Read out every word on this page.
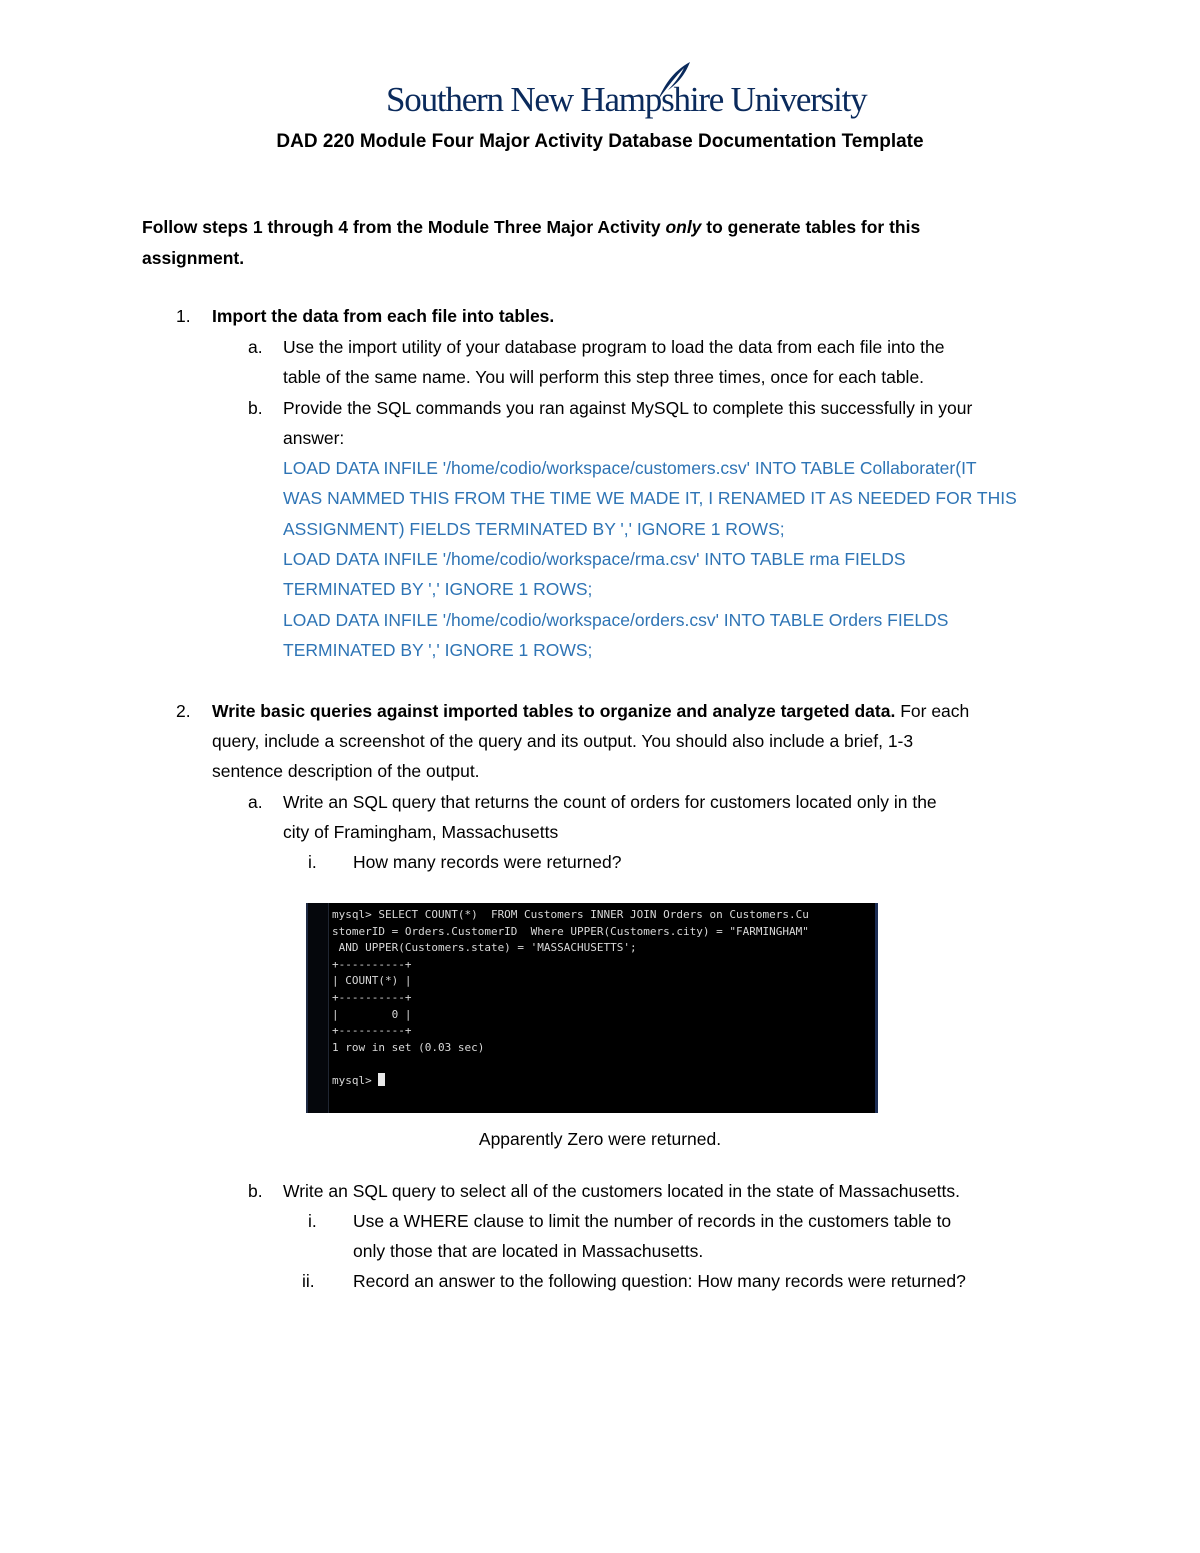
Southern New Hampshire University
DAD 220 Module Four Major Activity Database Documentation Template
Follow steps 1 through 4 from the Module Three Major Activity only to generate tables for this assignment.
1. Import the data from each file into tables.
a. Use the import utility of your database program to load the data from each file into the
table of the same name. You will perform this step three times, once for each table.
b. Provide the SQL commands you ran against MySQL to complete this successfully in your
answer:
LOAD DATA INFILE '/home/codio/workspace/customers.csv' INTO TABLE Collaborater(IT
WAS NAMMED THIS FROM THE TIME WE MADE IT, I RENAMED IT AS NEEDED FOR THIS
ASSIGNMENT) FIELDS TERMINATED BY ',' IGNORE 1 ROWS;
LOAD DATA INFILE '/home/codio/workspace/rma.csv' INTO TABLE rma FIELDS
TERMINATED BY ',' IGNORE 1 ROWS;
LOAD DATA INFILE '/home/codio/workspace/orders.csv' INTO TABLE Orders FIELDS
TERMINATED BY ',' IGNORE 1 ROWS;
2. Write basic queries against imported tables to organize and analyze targeted data. For each
query, include a screenshot of the query and its output. You should also include a brief, 1-3
sentence description of the output.
a. Write an SQL query that returns the count of orders for customers located only in the
city of Framingham, Massachusetts
i. How many records were returned?
mysql> SELECT COUNT(*)  FROM Customers INNER JOIN Orders on Customers.Cu
stomerID = Orders.CustomerID  Where UPPER(Customers.city) = "FARMINGHAM"
AND UPPER(Customers.state) = 'MASSACHUSETTS';
+----------+
| COUNT(*) |
+----------+
|        0 |
+----------+
1 row in set (0.03 sec)

mysql>
Apparently Zero were returned.
b. Write an SQL query to select all of the customers located in the state of Massachusetts.
i. Use a WHERE clause to limit the number of records in the customers table to
only those that are located in Massachusetts.
ii. Record an answer to the following question: How many records were returned?
